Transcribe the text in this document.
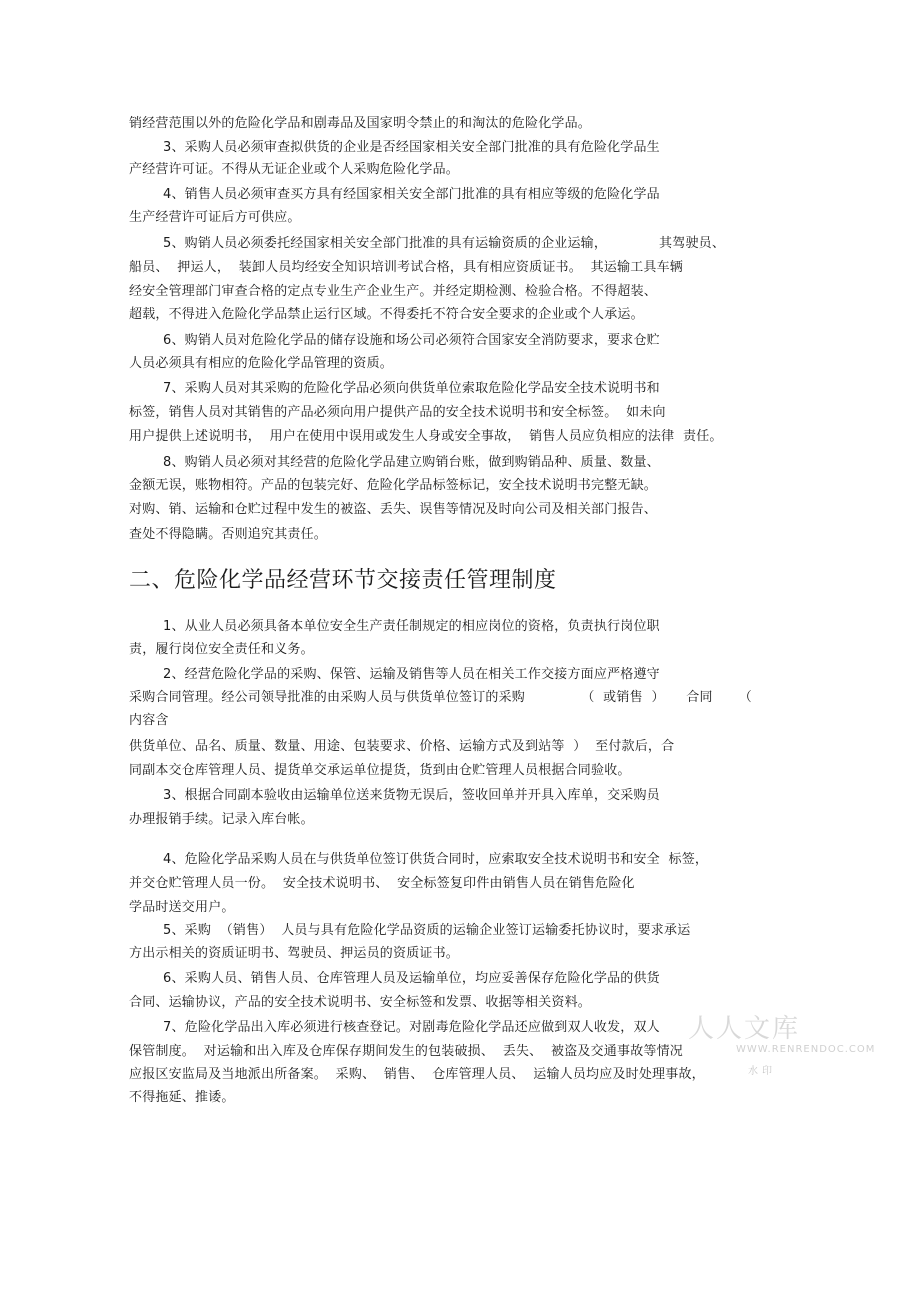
销经营范围以外的危险化学品和剧毒品及国家明令禁止的和淘汰的危险化学品。
3、采购人员必须审查拟供货的企业是否经国家相关安全部门批准的具有危险化学品生
产经营许可证。不得从无证企业或个人采购危险化学品。
4、销售人员必须审查买方具有经国家相关安全部门批准的具有相应等级的危险化学品
生产经营许可证后方可供应。
5、购销人员必须委托经国家相关安全部门批准的具有运输资质的企业运输，            其驾驶员、
船员、  押运人，  装卸人员均经安全知识培训考试合格，具有相应资质证书。  其运输工具车辆
经安全管理部门审查合格的定点专业生产企业生产。并经定期检测、检验合格。不得超装、
超载，不得进入危险化学品禁止运行区域。不得委托不符合安全要求的企业或个人承运。
6、购销人员对危险化学品的储存设施和场公司必须符合国家安全消防要求，要求仓贮
人员必须具有相应的危险化学品管理的资质。
7、采购人员对其采购的危险化学品必须向供货单位索取危险化学品安全技术说明书和
标签，销售人员对其销售的产品必须向用户提供产品的安全技术说明书和安全标签。  如未向
用户提供上述说明书，  用户在使用中误用或发生人身或安全事故，  销售人员应负相应的法律  责任。
8、购销人员必须对其经营的危险化学品建立购销台账，做到购销品种、质量、数量、
金额无误，账物相符。产品的包装完好、危险化学品标签标记，安全技术说明书完整无缺。
对购、销、运输和仓贮过程中发生的被盗、丢失、误售等情况及时向公司及相关部门报告、
查处不得隐瞒。否则追究其责任。
二、危险化学品经营环节交接责任管理制度
1、从业人员必须具备本单位安全生产责任制规定的相应岗位的资格，负责执行岗位职
责，履行岗位安全责任和义务。
2、经营危险化学品的采购、保管、运输及销售等人员在相关工作交接方面应严格遵守
采购合同管理。经公司领导批准的由采购人员与供货单位签订的采购             （  或销售  ）     合同      （
内容含
供货单位、品名、质量、数量、用途、包装要求、价格、运输方式及到站等  ）  至付款后，合
同副本交仓库管理人员、提货单交承运单位提货，货到由仓贮管理人员根据合同验收。
3、根据合同副本验收由运输单位送来货物无误后，签收回单并开具入库单，交采购员
办理报销手续。记录入库台帐。
4、危险化学品采购人员在与供货单位签订供货合同时，应索取安全技术说明书和安全  标签，
并交仓贮管理人员一份。  安全技术说明书、  安全标签复印件由销售人员在销售危险化
学品时送交用户。
5、采购  （销售）  人员与具有危险化学品资质的运输企业签订运输委托协议时，要求承运
方出示相关的资质证明书、驾驶员、押运员的资质证书。
6、采购人员、销售人员、仓库管理人员及运输单位，均应妥善保存危险化学品的供货
合同、运输协议，产品的安全技术说明书、安全标签和发票、收据等相关资料。
7、危险化学品出入库必须进行核查登记。对剧毒危险化学品还应做到双人收发，双人
保管制度。  对运输和出入库及仓库保存期间发生的包装破损、  丢失、  被盗及交通事故等情况
应报区安监局及当地派出所备案。  采购、  销售、  仓库管理人员、  运输人员均应及时处理事故，
不得拖延、推诿。
人人文库
WWW.RENRENDOC.COM
水印
